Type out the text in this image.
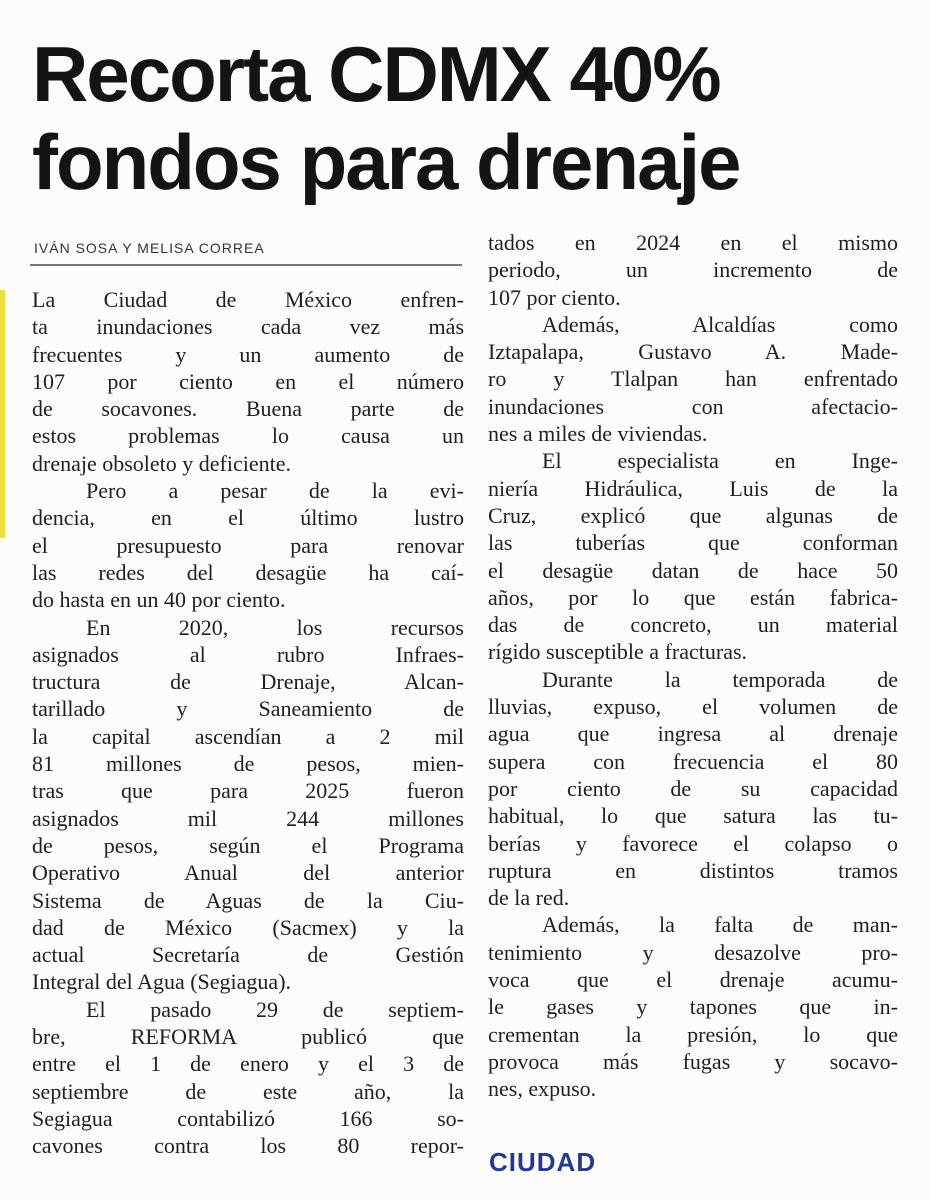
Recorta CDMX 40%
fondos para drenaje
IVÁN SOSA Y MELISA CORREA
La Ciudad de México enfren-
ta inundaciones cada vez más
frecuentes y un aumento de
107 por ciento en el número
de socavones. Buena parte de
estos problemas lo causa un
drenaje obsoleto y deficiente.
Pero a pesar de la evi-
dencia, en el último lustro
el presupuesto para renovar
las redes del desagüe ha caí-
do hasta en un 40 por ciento.
En 2020, los recursos
asignados al rubro Infraes-
tructura de Drenaje, Alcan-
tarillado y Saneamiento de
la capital ascendían a 2 mil
81 millones de pesos, mien-
tras que para 2025 fueron
asignados mil 244 millones
de pesos, según el Programa
Operativo Anual del anterior
Sistema de Aguas de la Ciu-
dad de México (Sacmex) y la
actual Secretaría de Gestión
Integral del Agua (Segiagua).
El pasado 29 de septiem-
bre, REFORMA publicó que
entre el 1 de enero y el 3 de
septiembre de este año, la
Segiagua contabilizó 166 so-
cavones contra los 80 repor-
tados en 2024 en el mismo
periodo, un incremento de
107 por ciento.
Además, Alcaldías como
Iztapalapa, Gustavo A. Made-
ro y Tlalpan han enfrentado
inundaciones con afectacio-
nes a miles de viviendas.
El especialista en Inge-
niería Hidráulica, Luis de la
Cruz, explicó que algunas de
las tuberías que conforman
el desagüe datan de hace 50
años, por lo que están fabrica-
das de concreto, un material
rígido susceptible a fracturas.
Durante la temporada de
lluvias, expuso, el volumen de
agua que ingresa al drenaje
supera con frecuencia el 80
por ciento de su capacidad
habitual, lo que satura las tu-
berías y favorece el colapso o
ruptura en distintos tramos
de la red.
Además, la falta de man-
tenimiento y desazolve pro-
voca que el drenaje acumu-
le gases y tapones que in-
crementan la presión, lo que
provoca más fugas y socavo-
nes, expuso.
CIUDAD
